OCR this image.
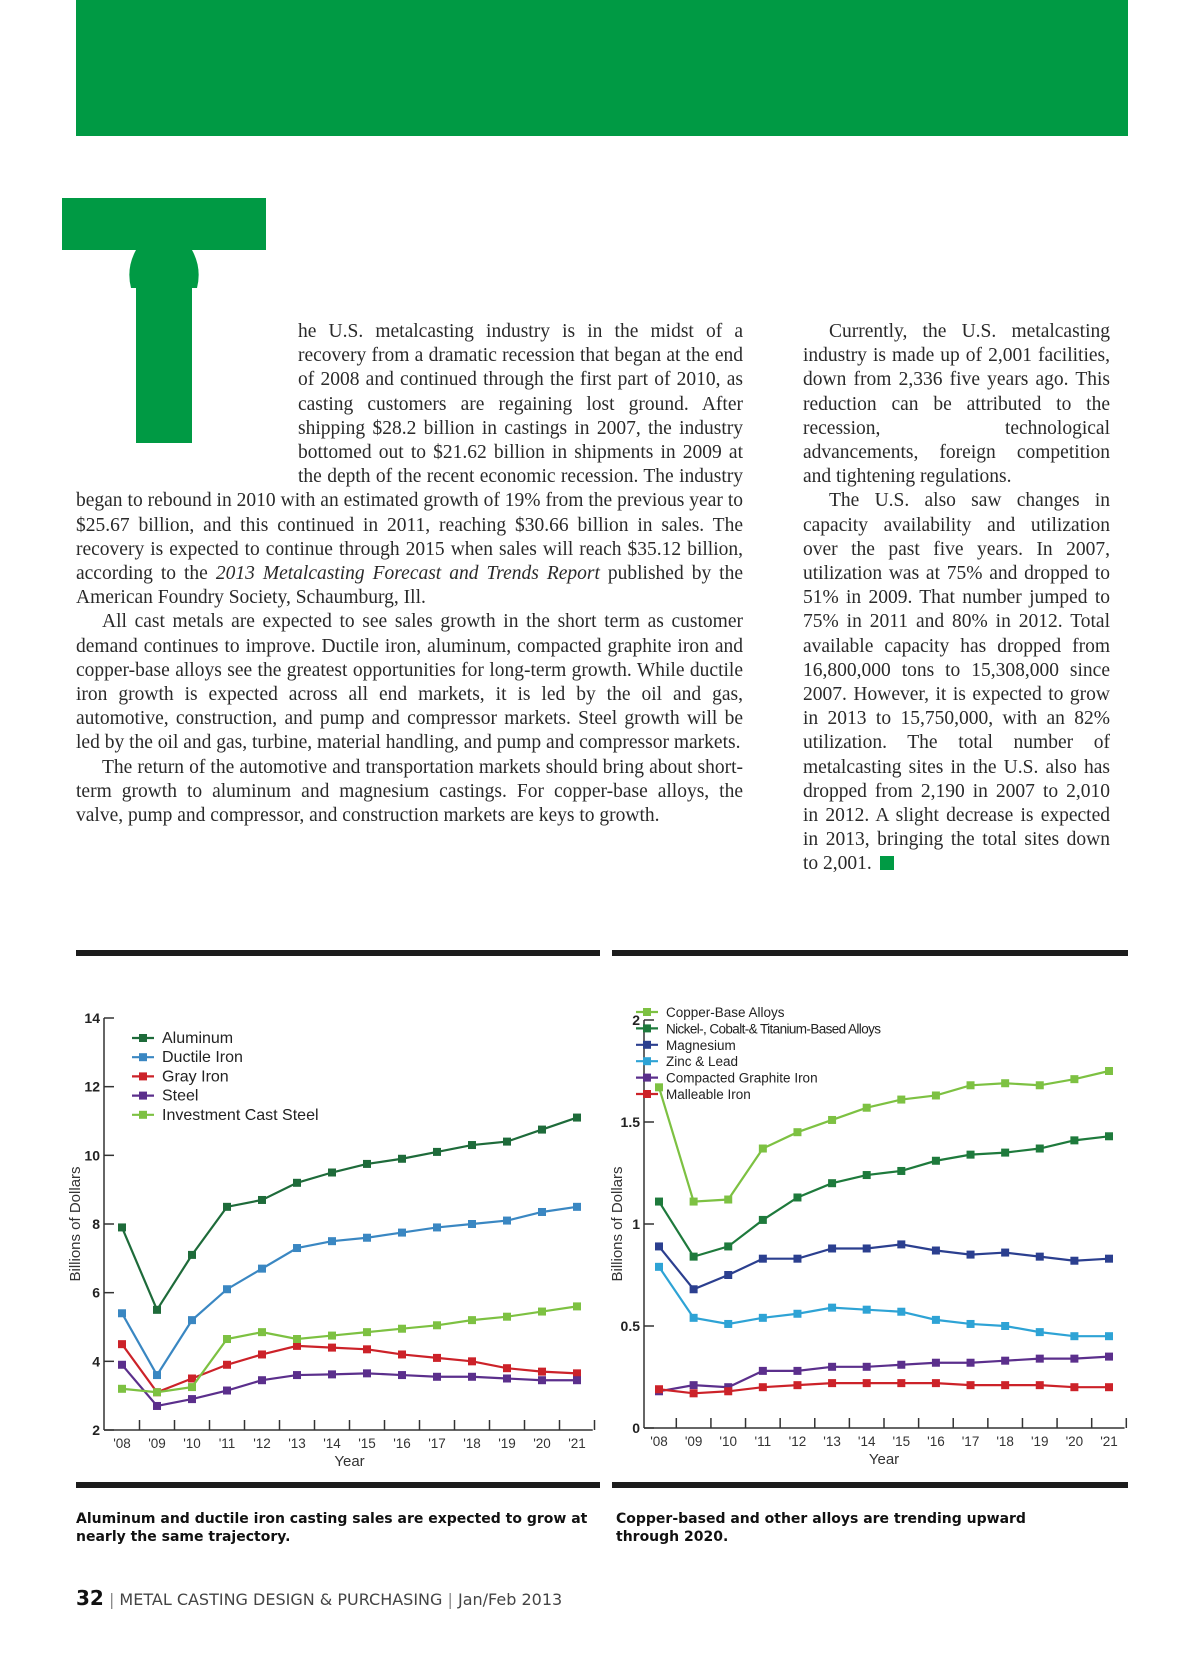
he U.S. metalcasting industry is in the midst of a recovery from a dramatic recession that began at the end of 2008 and continued through the first part of 2010, as casting customers are regaining lost ground. After shipping $28.2 billion in castings in 2007, the industry bottomed out to $21.62 billion in shipments in 2009 at the depth of the recent economic recession. The industry began to rebound in 2010 with an estimated growth of 19% from the previous year to $25.67 billion, and this continued in 2011, reaching $30.66 billion in sales. The recovery is expected to continue through 2015 when sales will reach $35.12 billion, according to the 2013 Metalcasting Forecast and Trends Report published by the American Foundry Society, Schaumburg, Ill.

All cast metals are expected to see sales growth in the short term as customer demand continues to improve. Ductile iron, aluminum, compacted graphite iron and copper-base alloys see the greatest opportunities for long-term growth. While ductile iron growth is expected across all end markets, it is led by the oil and gas, automotive, construction, and pump and compressor markets. Steel growth will be led by the oil and gas, turbine, material handling, and pump and compressor markets.

The return of the automotive and transportation markets should bring about short-term growth to aluminum and magnesium castings. For copper-base alloys, the valve, pump and compressor, and construction markets are keys to growth.

Currently, the U.S. metalcasting industry is made up of 2,001 facilities, down from 2,336 five years ago. This reduction can be attributed to the recession, technological advancements, foreign competition and tightening regulations.

The U.S. also saw changes in capacity availability and utilization over the past five years. In 2007, utilization was at 75% and dropped to 51% in 2009. That number jumped to 75% in 2011 and 80% in 2012. Total available capacity has dropped from 16,800,000 tons to 15,308,000 since 2007. However, it is expected to grow in 2013 to 15,750,000, with an 82% utilization. The total number of metalcasting sites in the U.S. also has dropped from 2,190 in 2007 to 2,010 in 2012. A slight decrease is expected in 2013, bringing the total sites down to 2,001.

2
4
6
8
10
12
14
'08 '09 '10 '11 '12 '13 '14 '15 '16 '17 '18 '19 '20 '21
Year
Billions of Dollars
Aluminum
Ductile Iron
Gray Iron
Steel
Investment Cast Steel
0
0.5
1
1.5
2
'08 '09 '10 '11 '12 '13 '14 '15 '16 '17 '18 '19 '20 '21
Year
Billions of Dollars
Copper-Base Alloys
Nickel-, Cobalt-& Titanium-Based Alloys
Magnesium
Zinc & Lead
Compacted Graphite Iron
Malleable Iron
Aluminum and ductile iron casting sales are expected to grow at nearly the same trajectory.
Copper-based and other alloys are trending upward through 2020.
32 | METAL CASTING DESIGN & PURCHASING | Jan/Feb 2013
